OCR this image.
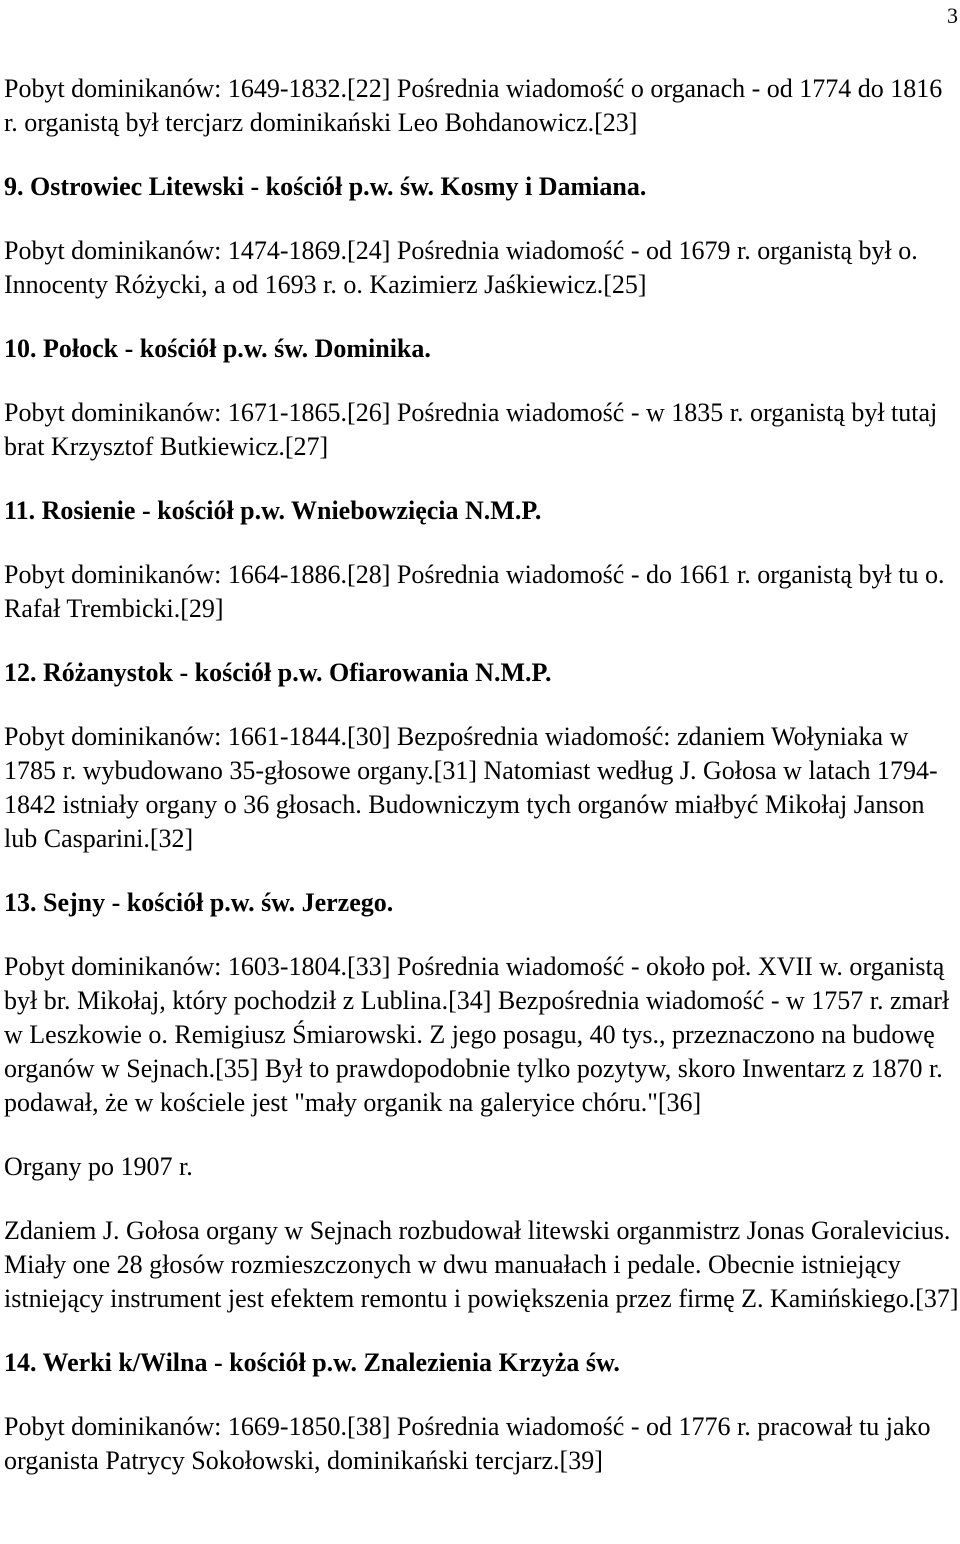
3

Pobyt dominikanów: 1649-1832.[22] Pośrednia wiadomość o organach - od 1774 do 1816 r. organistą był tercjarz dominikański Leo Bohdanowicz.[23]

9. Ostrowiec Litewski - kościół p.w. św. Kosmy i Damiana.

Pobyt dominikanów: 1474-1869.[24] Pośrednia wiadomość - od 1679 r. organistą był o. Innocenty Różycki, a od 1693 r. o. Kazimierz Jaśkiewicz.[25]

10. Połock - kościół p.w. św. Dominika.

Pobyt dominikanów: 1671-1865.[26] Pośrednia wiadomość - w 1835 r. organistą był tutaj brat Krzysztof Butkiewicz.[27]

11. Rosienie - kościół p.w. Wniebowzięcia N.M.P.

Pobyt dominikanów: 1664-1886.[28] Pośrednia wiadomość - do 1661 r. organistą był tu o. Rafał Trembicki.[29]

12. Różanystok - kościół p.w. Ofiarowania N.M.P.

Pobyt dominikanów: 1661-1844.[30] Bezpośrednia wiadomość: zdaniem Wołyniaka w 1785 r. wybudowano 35-głosowe organy.[31] Natomiast według J. Gołosa w latach 1794-1842 istniały organy o 36 głosach. Budowniczym tych organów miałbyć Mikołaj Janson lub Casparini.[32]

13. Sejny - kościół p.w. św. Jerzego.

Pobyt dominikanów: 1603-1804.[33] Pośrednia wiadomość - około poł. XVII w. organistą był br. Mikołaj, który pochodził z Lublina.[34] Bezpośrednia wiadomość - w 1757 r. zmarł w Leszkowie o. Remigiusz Śmiarowski. Z jego posagu, 40 tys., przeznaczono na budowę organów w Sejnach.[35] Był to prawdopodobnie tylko pozytyw, skoro Inwentarz z 1870 r. podawał, że w kościele jest "mały organik na galeryice chóru."[36]

Organy po 1907 r.

Zdaniem J. Gołosa organy w Sejnach rozbudował litewski organmistrz Jonas Goralevicius. Miały one 28 głosów rozmieszczonych w dwu manuałach i pedale. Obecnie istniejący istniejący instrument jest efektem remontu i powiększenia przez firmę Z. Kamińskiego.[37]

14. Werki k/Wilna - kościół p.w. Znalezienia Krzyża św.

Pobyt dominikanów: 1669-1850.[38] Pośrednia wiadomość - od 1776 r. pracował tu jako organista Patrycy Sokołowski, dominikański tercjarz.[39]
